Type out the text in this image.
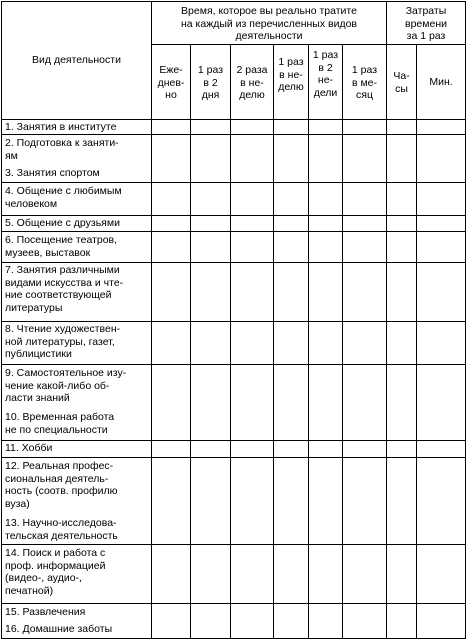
Вид деятельности
Время, которое вы реально тратите
на каждый из перечисленных видов
деятельности
Затраты
времени
за 1 раз
Еже-
днев-
но
1 раз
в 2
дня
2 раза
в не-
делю
1 раз
в не-
делю
1 раз
в 2
не-
дели
1 раз
в ме-
сяц
Ча-
сы
Мин.
1. Занятия в институте
2. Подготовка к заняти-
ям
3. Занятия спортом
4. Общение с любимым
человеком
5. Общение с друзьями
6. Посещение театров,
музеев, выставок
7. Занятия различными
видами искусства и чте-
ние соответствующей
литературы
8. Чтение художествен-
ной литературы, газет,
публицистики
9. Самостоятельное изу-
чение какой-либо об-
ласти знаний
10. Временная работа
не по специальности
11. Хобби
12. Реальная профес-
сиональная деятель-
ность (соотв. профилю
вуза)
13. Научно-исследова-
тельская деятельность
14. Поиск и работа с
проф. информацией
(видео-, аудио-,
печатной)
15. Развлечения
16. Домашние заботы
